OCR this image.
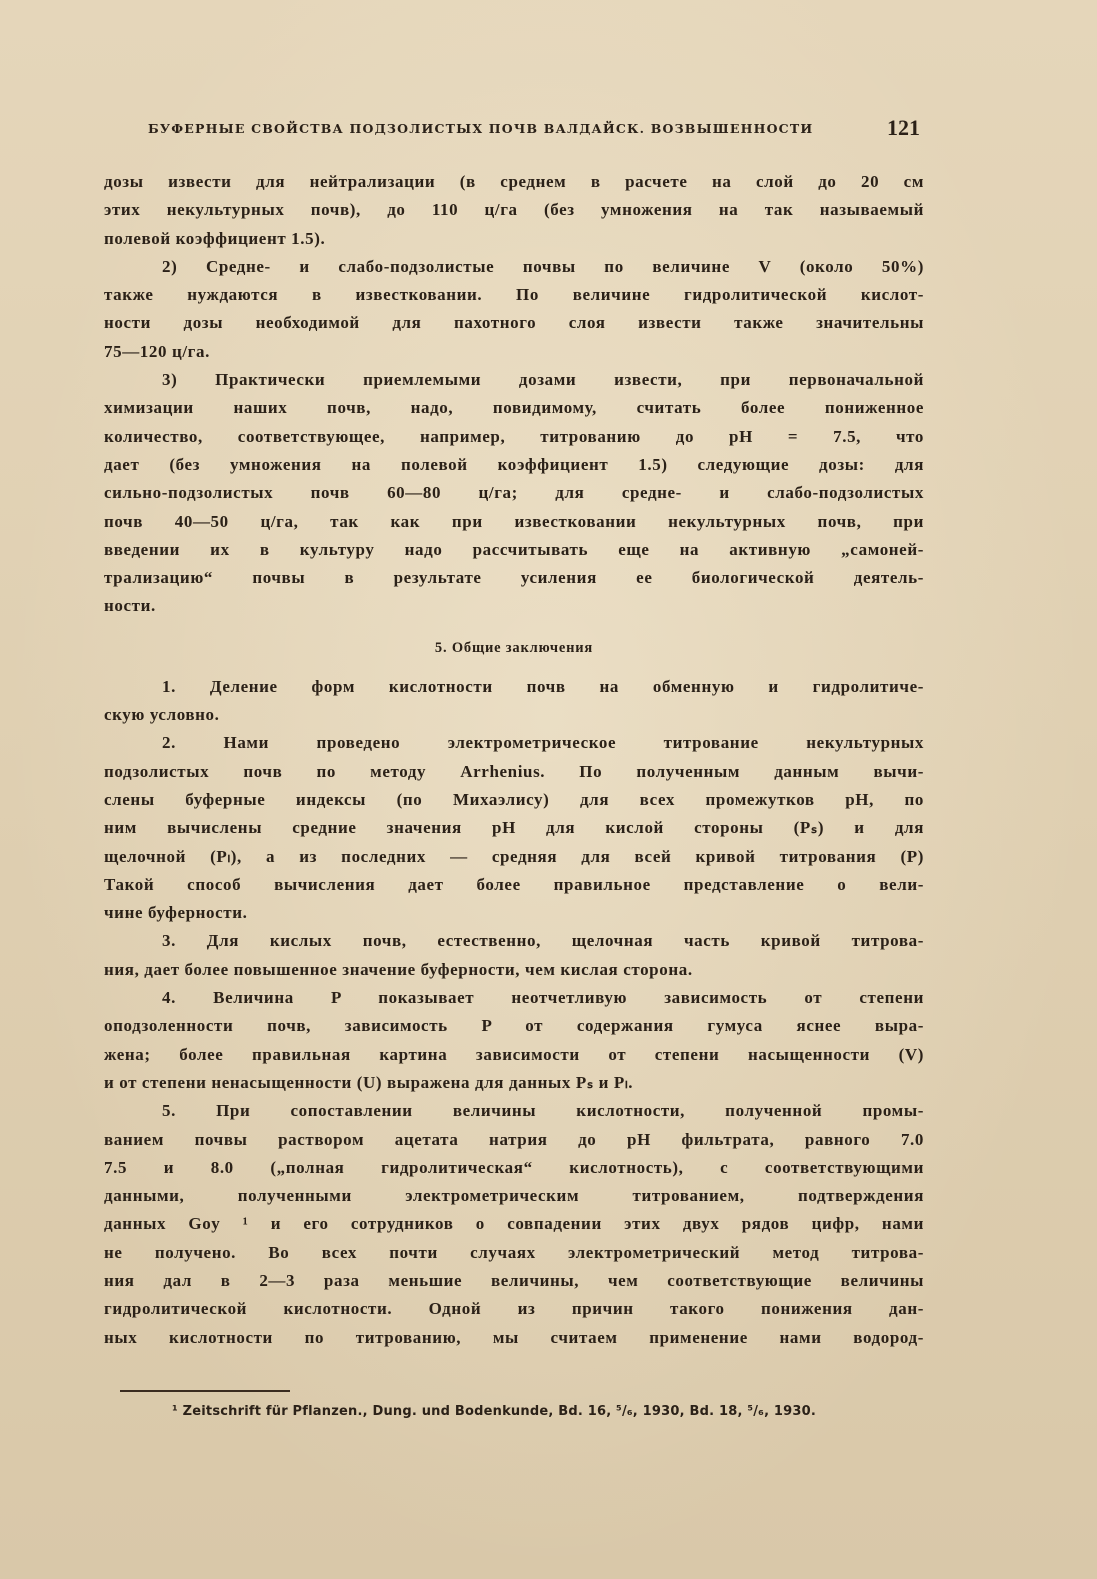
БУФЕРНЫЕ СВОЙСТВА ПОДЗОЛИСТЫХ ПОЧВ ВАЛДАЙСК. ВОЗВЫШЕННОСТИ	121
дозы извести для нейтрализации (в среднем в расчете на слой до 20 см
этих некультурных почв), до 110 ц/га (без умножения на так называемый
полевой коэффициент 1.5).
2) Средне- и слабо-подзолистые почвы по величине V (около 50%)
также нуждаются в известковании. По величине гидролитической кислот-
ности дозы необходимой для пахотного слоя извести также значительны
75—120 ц/га.
3) Практически приемлемыми дозами извести, при первоначальной
химизации наших почв, надо, повидимому, считать более пониженное
количество, соответствующее, например, титрованию до pH = 7.5, что
дает (без умножения на полевой коэффициент 1.5) следующие дозы: для
сильно-подзолистых почв 60—80 ц/га; для средне- и слабо-подзолистых
почв 40—50 ц/га, так как при известковании некультурных почв, при
введении их в культуру надо рассчитывать еще на активную „самоней-
трализацию“ почвы в результате усиления ее биологической деятель-
ности.
5. Общие заключения
1. Деление форм кислотности почв на обменную и гидролитиче-
скую условно.
2. Нами проведено электрометрическое титрование некультурных
подзолистых почв по методу Arrhenius. По полученным данным вычи-
слены буферные индексы (по Михаэлису) для всех промежутков pH, по
ним вычислены средние значения pH для кислой стороны (Pₛ) и для
щелочной (Pₗ), а из последних — средняя для всей кривой титрования (P)
Такой способ вычисления дает более правильное представление о вели-
чине буферности.
3. Для кислых почв, естественно, щелочная часть кривой титрова-
ния, дает более повышенное значение буферности, чем кислая сторона.
4. Величина P показывает неотчетливую зависимость от степени
оподзоленности почв, зависимость P от содержания гумуса яснее выра-
жена; более правильная картина зависимости от степени насыщенности (V)
и от степени ненасыщенности (U) выражена для данных Pₛ и Pₗ.
5. При сопоставлении величины кислотности, полученной промы-
ванием почвы раствором ацетата натрия до pH фильтрата, равного 7.0
7.5 и 8.0 („полная гидролитическая“ кислотность), с соответствующими
данными, полученными электрометрическим титрованием, подтверждения
данных Goy ¹ и его сотрудников о совпадении этих двух рядов цифр, нами
не получено. Во всех почти случаях электрометрический метод титрова-
ния дал в 2—3 раза меньшие величины, чем соответствующие величины
гидролитической кислотности. Одной из причин такого понижения дан-
ных кислотности по титрованию, мы считаем применение нами водород-
¹ Zeitschrift für Pflanzen., Dung. und Bodenkunde, Bd. 16, ⁵/₆, 1930, Bd. 18, ⁵/₆, 1930.
